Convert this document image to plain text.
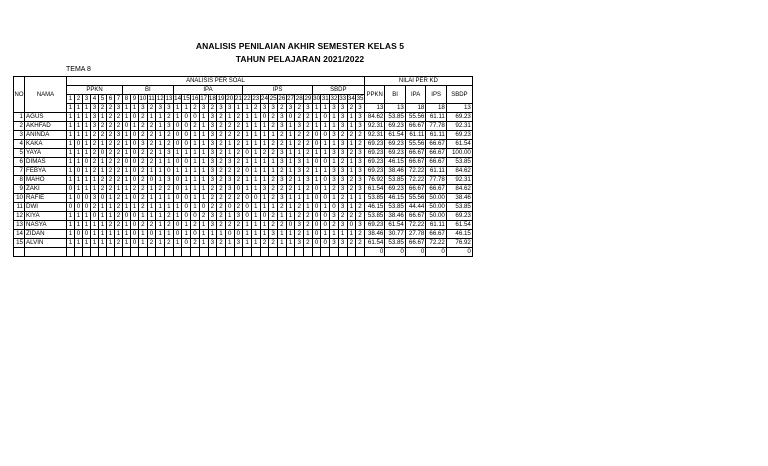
ANALISIS PENILAIAN AKHIR SEMESTER KELAS 5
TAHUN PELAJARAN 2021/2022
TEMA 8
NO	NAMA	ANALISIS PER SOAL																																			NILAI PER KD				
		PPKN							BI						IPA								IPS								SBDP						PPKN	BI	IPA	IPS	SBDP
		1	2	3	4	5	6	7	8	9	10	11	12	13	14	15	16	17	18	19	20	21	22	23	24	25	26	27	28	29	30	31	32	33	34	35					
		1	1	1	3	2	2	3	1	1	3	2	3	3	1	1	2	3	2	3	3	1	1	2	3	3	2	3	2	3	1	1	3	3	2	3	13	13	18	18	13
1	AGUS	1	1	1	3	1	2	2	1	0	2	1	1	2	1	0	0	1	3	2	1	2	1	1	0	2	3	0	2	2	1	0	1	3	1	3	84.62	53.85	55.56	61.11	69.23
2	AKHFAD	1	1	1	3	2	2	2	0	1	2	2	1	3	0	0	2	1	3	2	2	2	1	1	1	2	3	1	3	2	1	1	1	3	1	3	92.31	69.23	66.67	77.78	92.31
3	ANINDA	1	1	1	2	2	2	3	1	0	2	2	1	2	0	0	1	1	3	2	2	2	1	1	1	1	2	1	2	2	0	0	3	2	2	2	92.31	61.54	61.11	61.11	69.23
4	KAKA	1	0	1	2	1	2	2	1	0	3	2	1	2	0	0	1	1	3	2	1	2	1	1	1	2	2	1	2	2	0	1	1	3	1	2	69.23	69.23	55.56	66.67	61.54
5	YAYA	1	1	1	2	0	2	2	1	0	2	2	1	3	1	1	1	1	3	2	1	2	0	1	2	2	3	1	1	2	1	1	3	3	2	3	69.23	69.23	66.67	66.67	100.00
6	DIMAS	1	1	0	2	1	2	2	0	0	2	2	1	1	0	0	1	1	3	2	3	2	1	1	1	1	3	1	3	1	0	0	1	2	1	3	69.23	46.15	66.67	66.67	53.85
7	FEBYA	1	0	1	2	1	2	2	1	0	2	1	1	0	1	1	1	1	3	2	2	2	0	1	1	1	2	1	3	2	1	1	3	3	1	3	69.23	38.46	72.22	61.11	84.62
8	MAHO	1	1	1	1	2	2	2	1	0	2	0	1	3	0	1	1	1	3	2	3	2	1	1	1	2	3	2	1	3	1	0	3	3	2	3	76.92	53.85	72.22	77.78	92.31
9	ZAKI	0	1	1	1	2	2	1	1	2	2	1	2	2	0	1	1	1	2	2	3	0	1	1	3	2	2	2	1	2	0	1	2	3	2	3	61.54	69.23	66.67	66.67	84.62
10	RAFIE	1	0	0	3	0	1	2	1	0	2	1	1	1	0	0	1	1	2	2	2	2	0	0	1	2	3	1	1	1	0	0	1	2	1	1	53.85	46.15	55.56	50.00	38.46
11	DWI	0	0	0	2	1	1	2	1	1	2	1	1	1	1	0	1	0	2	2	0	2	0	1	1	1	2	1	2	1	0	1	0	3	1	2	46.15	53.85	44.44	50.00	53.85
12	KIYA	1	1	1	0	1	1	2	0	0	1	1	1	2	1	0	0	2	3	2	1	3	0	1	0	2	1	1	2	2	0	0	3	2	2	2	53.85	38.46	66.67	50.00	69.23
13	NASYA	1	1	1	1	1	2	2	1	0	2	2	1	2	0	1	2	1	3	2	2	2	1	1	1	2	2	0	3	2	0	0	2	3	0	3	69.23	61.54	72.22	61.11	61.54
14	ZIDAN	1	0	0	1	1	1	1	1	0	1	0	1	1	0	1	0	1	1	1	0	0	1	1	1	3	1	1	2	1	0	1	1	1	1	2	38.46	30.77	27.78	66.67	46.15
15	ALVIN	1	1	1	1	1	1	2	1	0	1	2	1	2	1	0	2	1	3	2	1	3	1	1	2	2	1	1	3	2	0	0	3	3	2	2	61.54	53.85	66.67	72.22	76.92
																																					0	0	0	0	0
